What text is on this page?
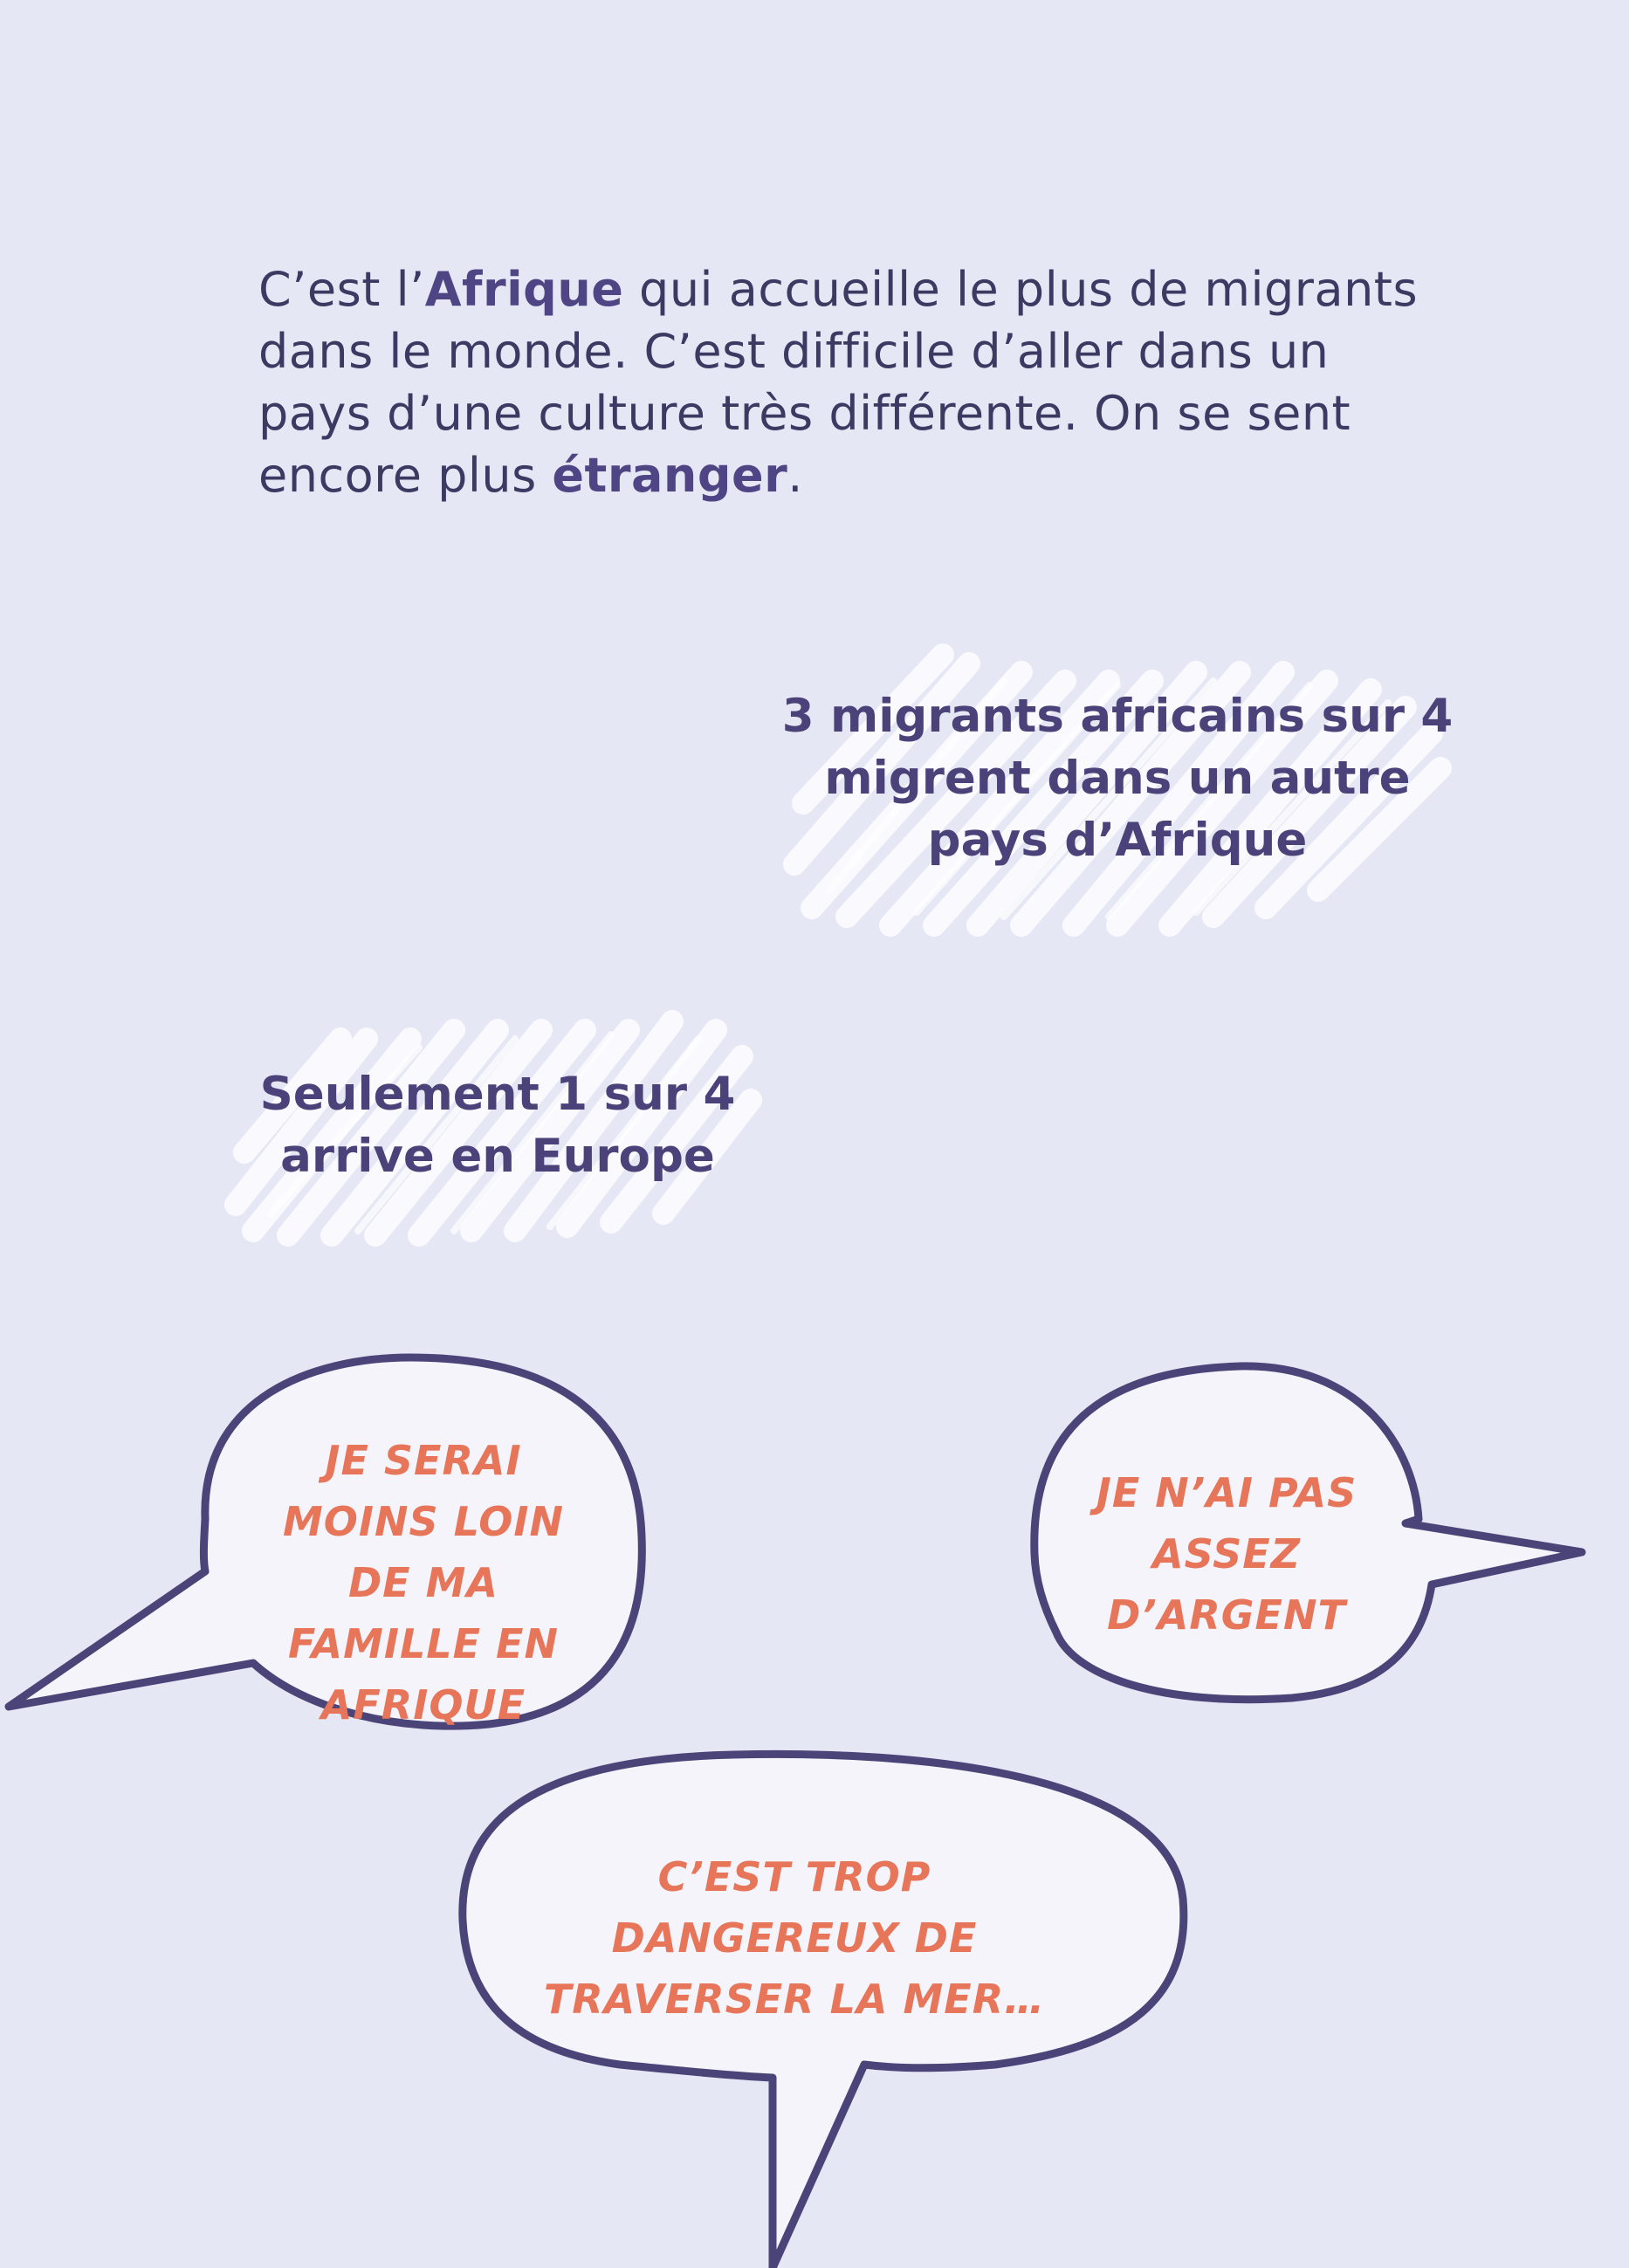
C’est l’Afrique qui accueille le plus de migrants dans le monde. C’est difficile d’aller dans un pays d’une culture très différente. On se sent encore plus étranger.

3 migrants africains sur 4 migrent dans un autre pays d’Afrique

Seulement 1 sur 4 arrive en Europe

JE SERAI MOINS LOIN DE MA FAMILLE EN AFRIQUE

JE N’AI PAS ASSEZ D’ARGENT

C’EST TROP DANGEREUX DE TRAVERSER LA MER…
